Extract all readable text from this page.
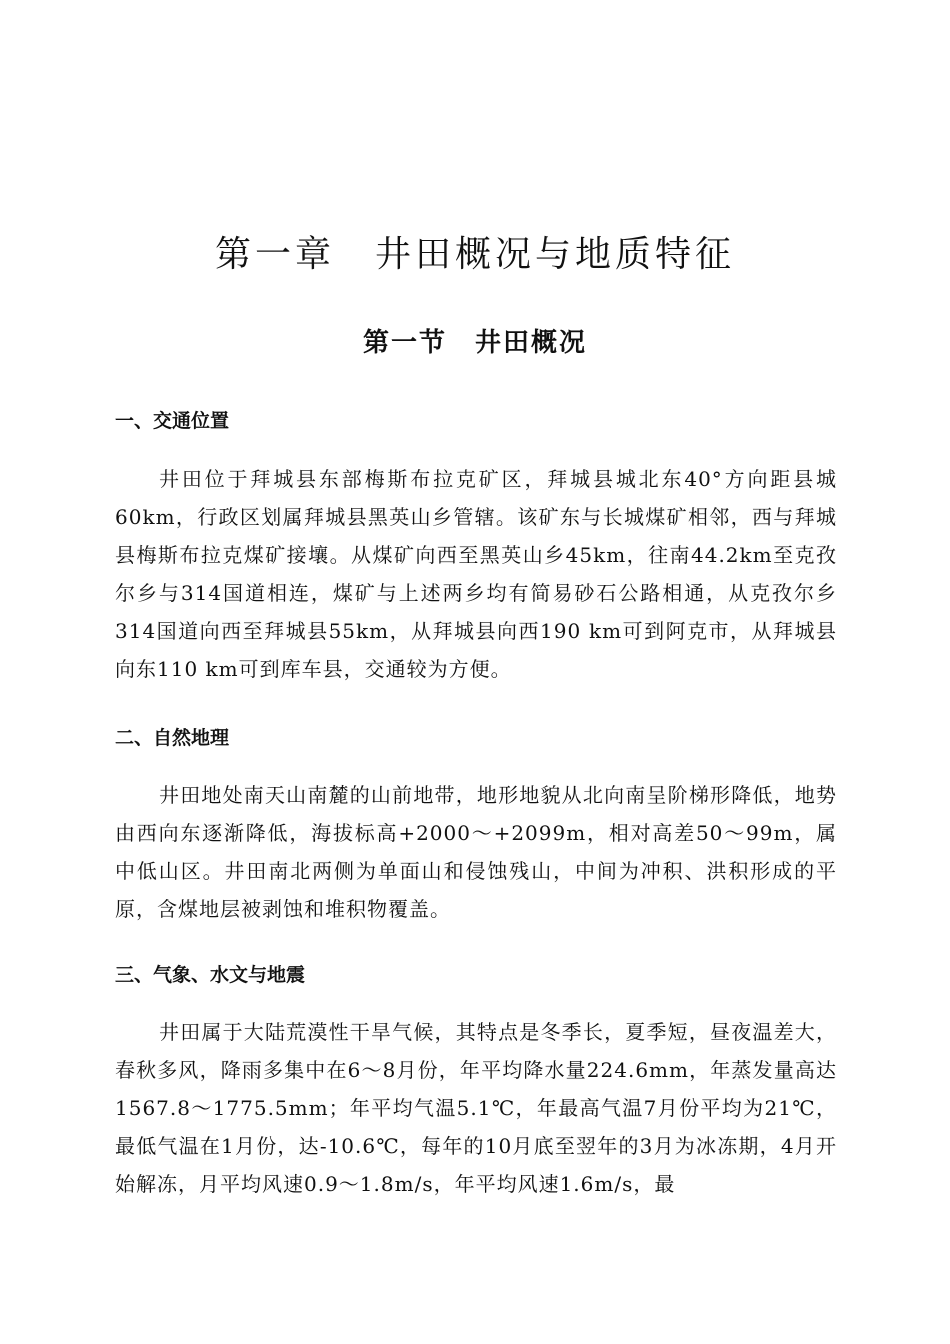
第一章　井田概况与地质特征
第一节　井田概况
一、交通位置

井田位于拜城县东部梅斯布拉克矿区，拜城县城北东40°方向距县城60km，行政区划属拜城县黑英山乡管辖。该矿东与长城煤矿相邻，西与拜城县梅斯布拉克煤矿接壤。从煤矿向西至黑英山乡45km，往南44.2km至克孜尔乡与314国道相连，煤矿与上述两乡均有简易砂石公路相通，从克孜尔乡314国道向西至拜城县55km，从拜城县向西190 km可到阿克市，从拜城县向东110 km可到库车县，交通较为方便。

二、自然地理

井田地处南天山南麓的山前地带，地形地貌从北向南呈阶梯形降低，地势由西向东逐渐降低，海拔标高+2000～+2099m，相对高差50～99m，属中低山区。井田南北两侧为单面山和侵蚀残山，中间为冲积、洪积形成的平原，含煤地层被剥蚀和堆积物覆盖。

三、气象、水文与地震

井田属于大陆荒漠性干旱气候，其特点是冬季长，夏季短，昼夜温差大，春秋多风，降雨多集中在6～8月份，年平均降水量224.6mm，年蒸发量高达1567.8～1775.5mm；年平均气温5.1℃，年最高气温7月份平均为21℃，最低气温在1月份，达-10.6℃，每年的10月底至翌年的3月为冰冻期，4月开始解冻，月平均风速0.9～1.8m/s，年平均风速1.6m/s，最
